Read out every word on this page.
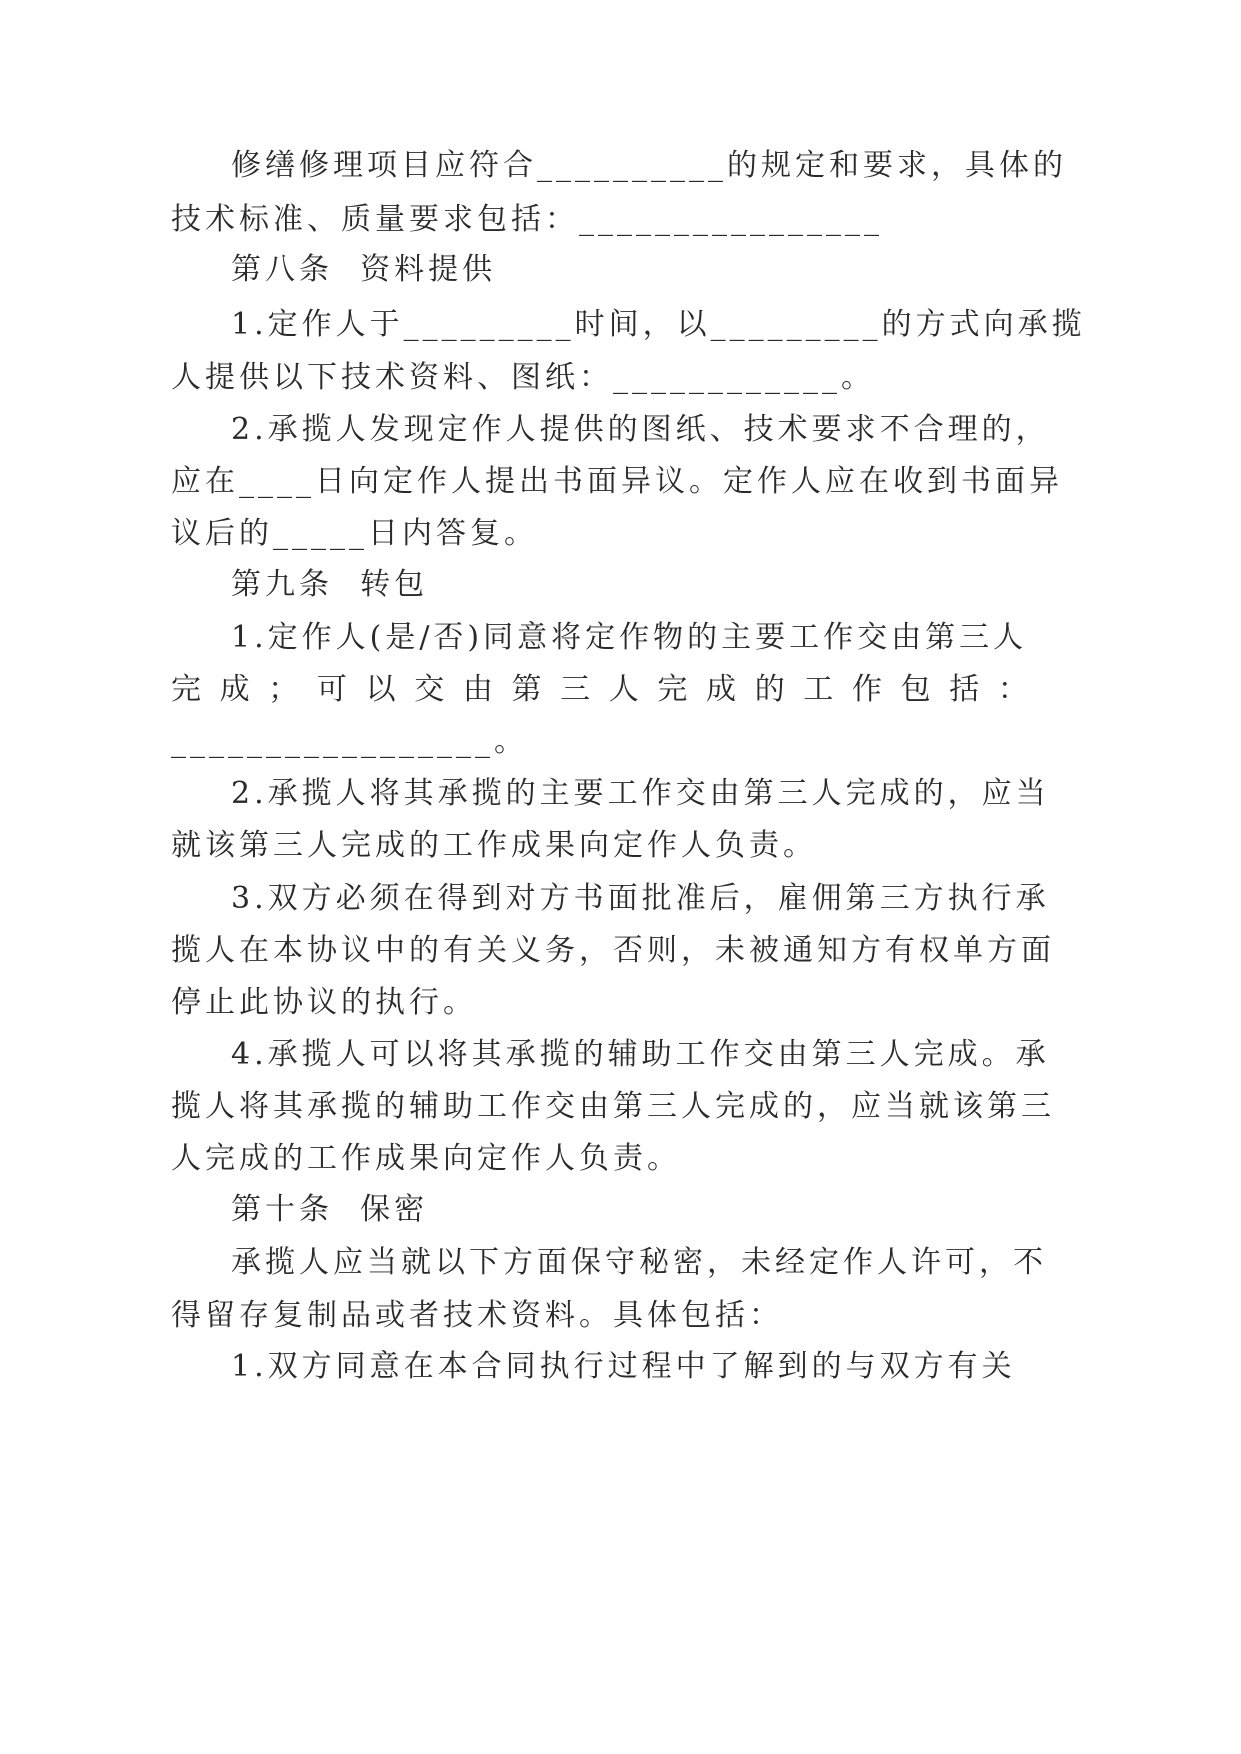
修缮修理项目应符合__________的规定和要求，具体的
技术标准、质量要求包括：________________
第八条  资料提供
1.定作人于_________时间，以_________的方式向承揽
人提供以下技术资料、图纸：____________。
2.承揽人发现定作人提供的图纸、技术要求不合理的，
应在____日向定作人提出书面异议。定作人应在收到书面异
议后的_____日内答复。
第九条  转包
1.定作人(是/否)同意将定作物的主要工作交由第三人
完 成 ； 可 以 交 由 第 三 人 完 成 的 工 作 包 括 ：
_________________。
2.承揽人将其承揽的主要工作交由第三人完成的，应当
就该第三人完成的工作成果向定作人负责。
3.双方必须在得到对方书面批准后，雇佣第三方执行承
揽人在本协议中的有关义务，否则，未被通知方有权单方面
停止此协议的执行。
4.承揽人可以将其承揽的辅助工作交由第三人完成。承
揽人将其承揽的辅助工作交由第三人完成的，应当就该第三
人完成的工作成果向定作人负责。
第十条  保密
承揽人应当就以下方面保守秘密，未经定作人许可，不
得留存复制品或者技术资料。具体包括：
1.双方同意在本合同执行过程中了解到的与双方有关
